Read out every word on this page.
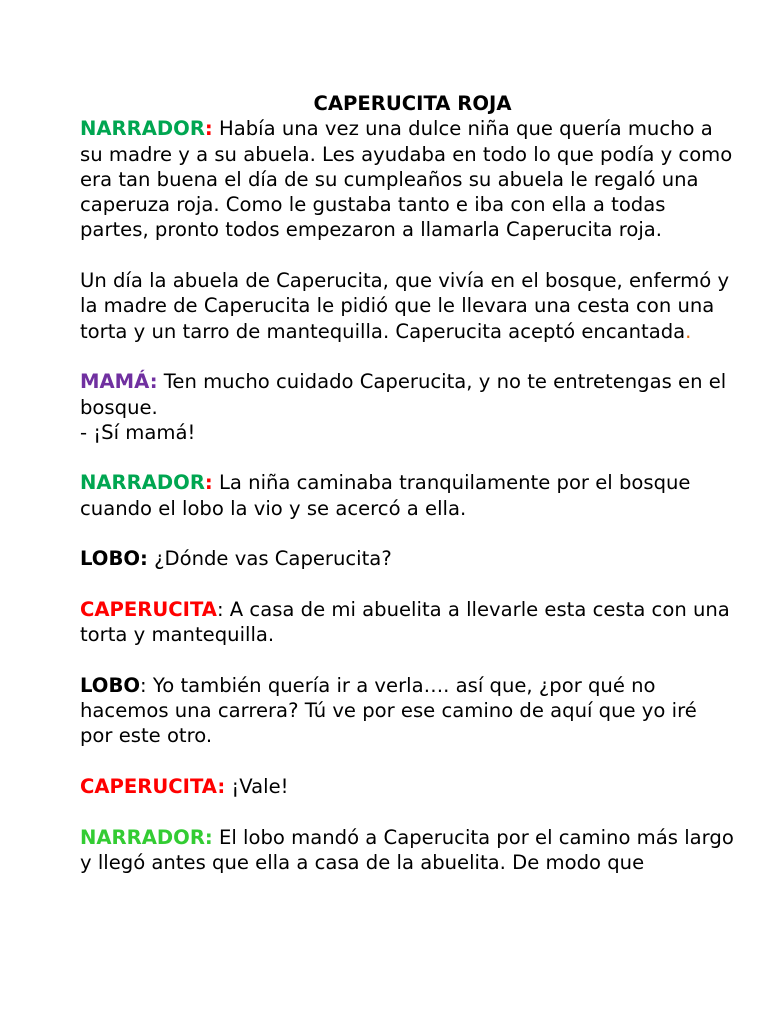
CAPERUCITA ROJA

NARRADOR: Había una vez una dulce niña que quería mucho a su madre y a su abuela. Les ayudaba en todo lo que podía y como era tan buena el día de su cumpleaños su abuela le regaló una caperuza roja. Como le gustaba tanto e iba con ella a todas partes, pronto todos empezaron a llamarla Caperucita roja.

Un día la abuela de Caperucita, que vivía en el bosque, enfermó y la madre de Caperucita le pidió que le llevara una cesta con una torta y un tarro de mantequilla. Caperucita aceptó encantada.

MAMÁ: Ten mucho cuidado Caperucita, y no te entretengas en el bosque.
- ¡Sí mamá!

NARRADOR: La niña caminaba tranquilamente por el bosque cuando el lobo la vio y se acercó a ella.

LOBO: ¿Dónde vas Caperucita?

CAPERUCITA: A casa de mi abuelita a llevarle esta cesta con una torta y mantequilla.

LOBO: Yo también quería ir a verla…. así que, ¿por qué no hacemos una carrera? Tú ve por ese camino de aquí que yo iré por este otro.

CAPERUCITA: ¡Vale!

NARRADOR: El lobo mandó a Caperucita por el camino más largo y llegó antes que ella a casa de la abuelita. De modo que
